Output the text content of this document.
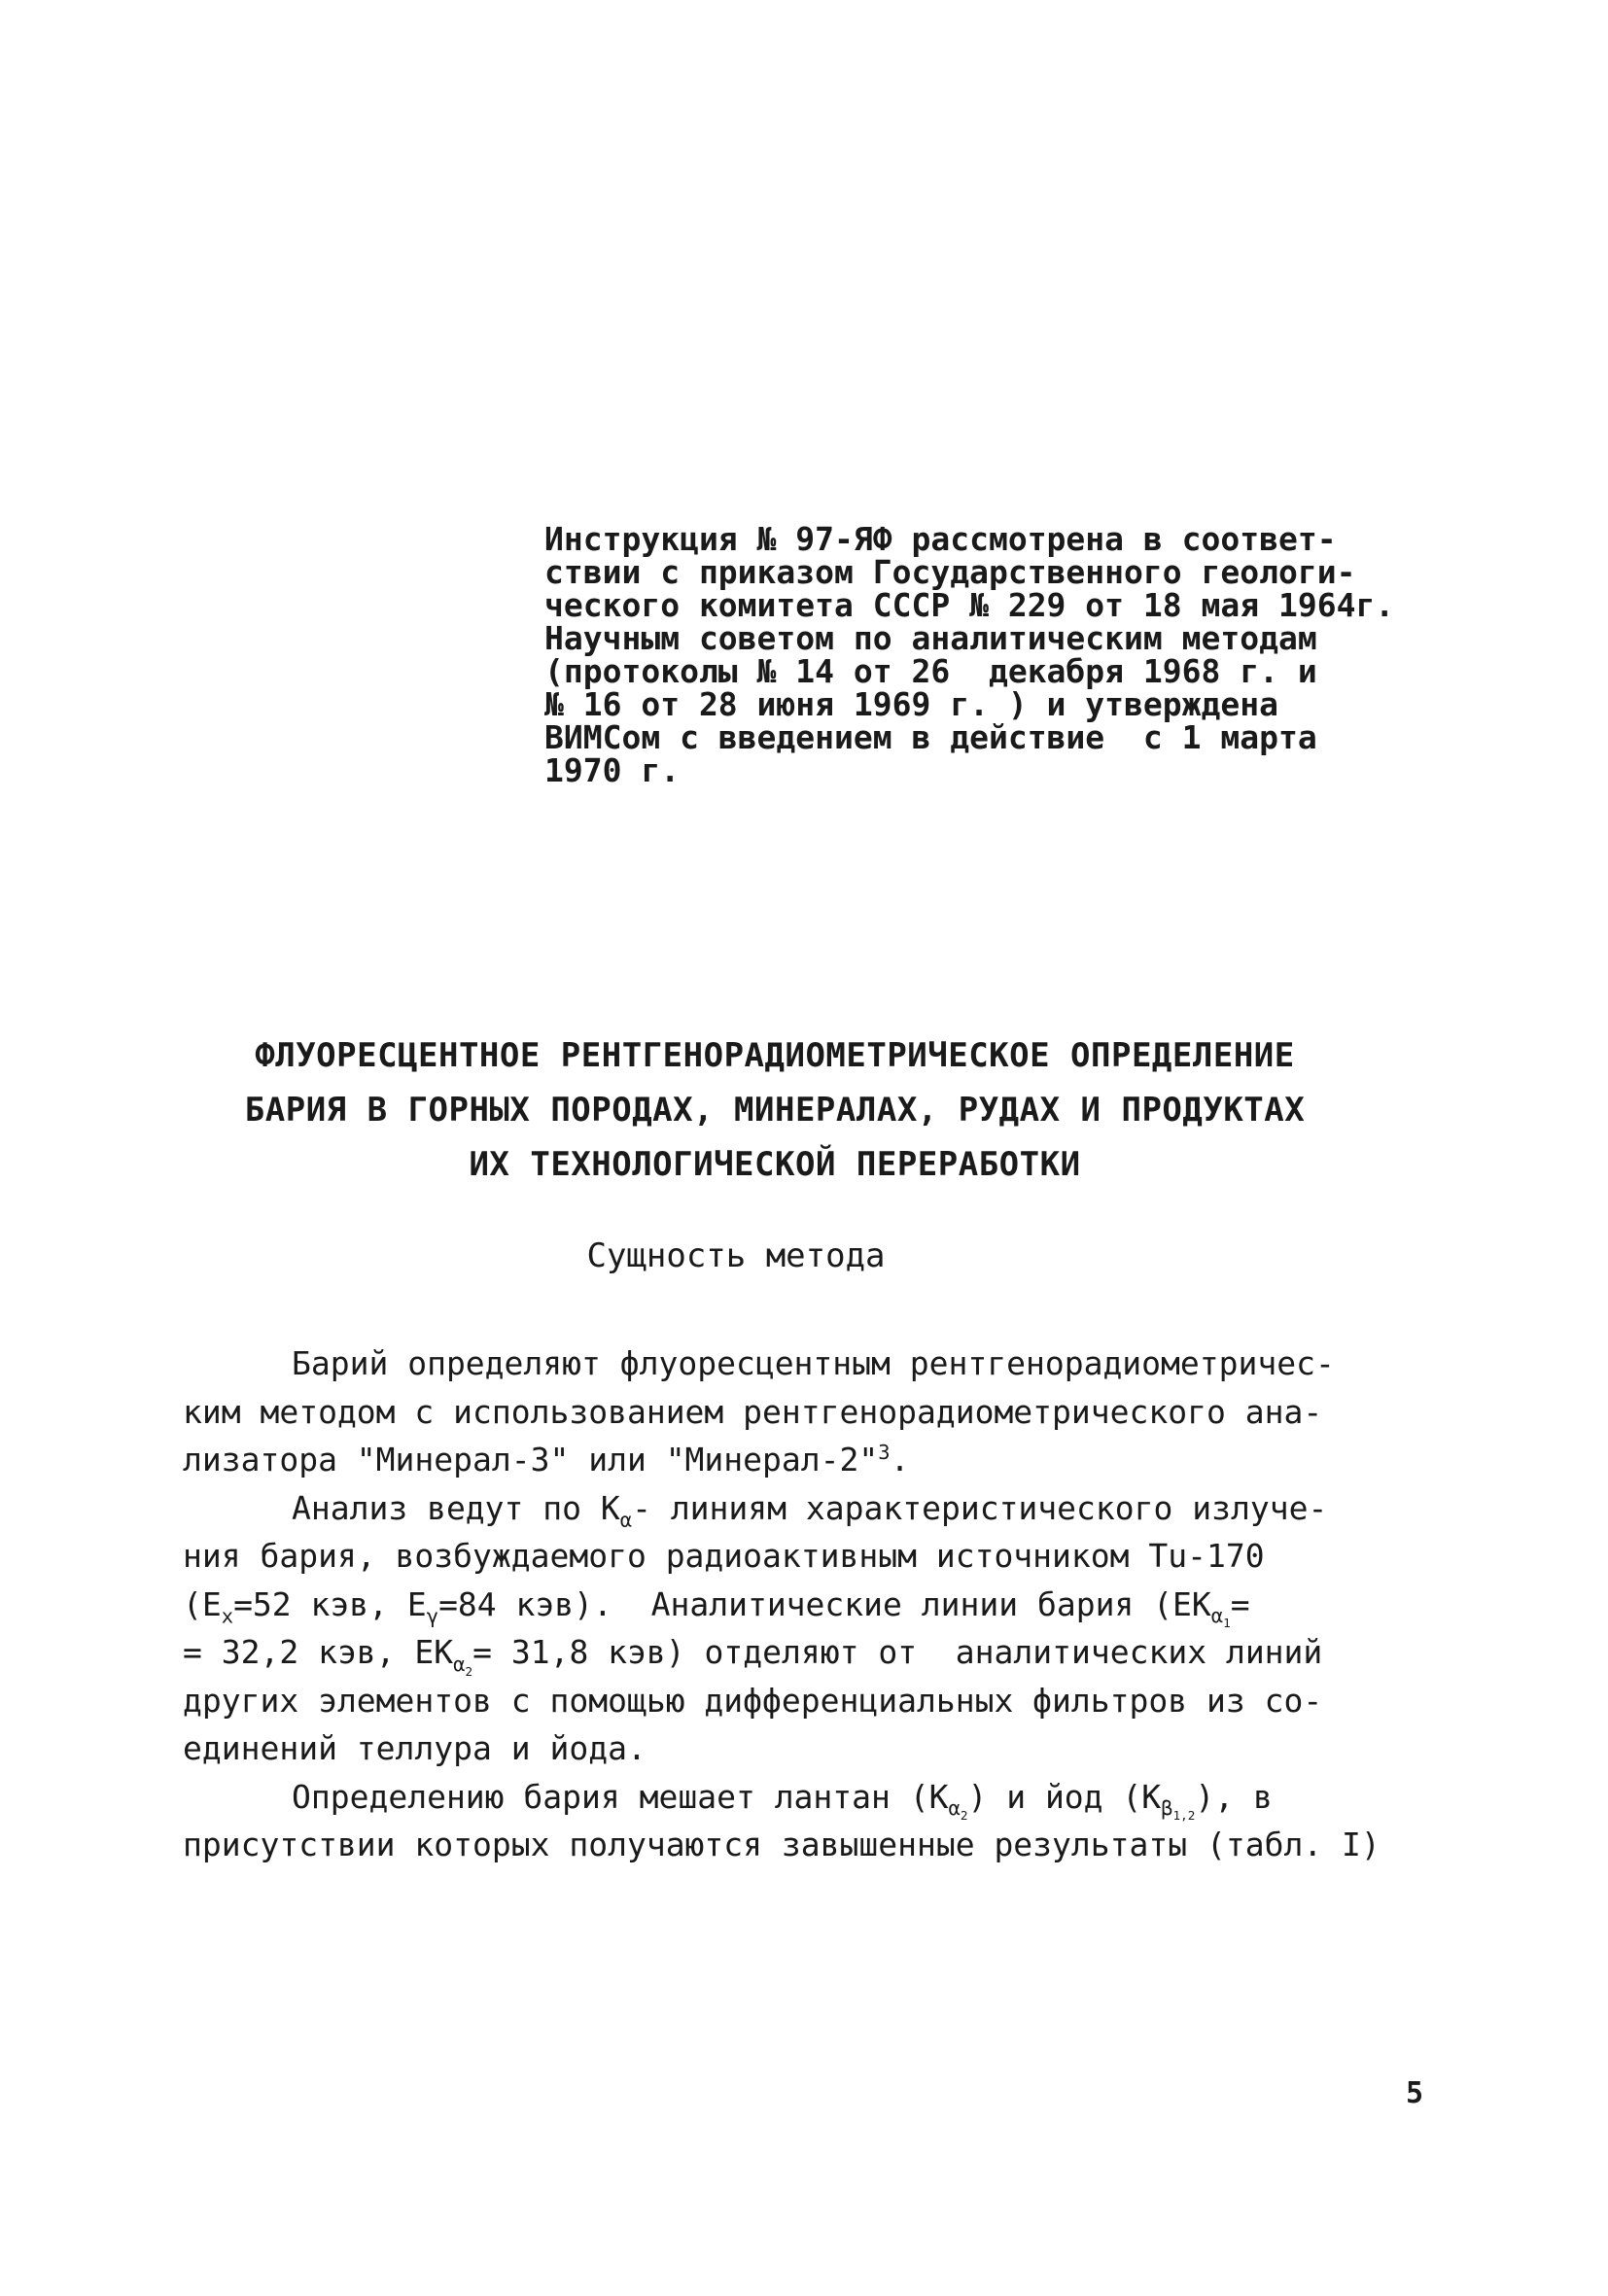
Инструкция № 97-ЯФ рассмотрена в соответ-
ствии с приказом Государственного геологи-
ческого комитета СССР № 229 от 18 мая 1964г.
Научным советом по аналитическим методам
(протоколы № 14 от 26  декабря 1968 г. и
№ 16 от 28 июня 1969 г. ) и утверждена
ВИМСом с введением в действие  с 1 марта
1970 г.
ФЛУОРЕСЦЕНТНОЕ РЕНТГЕНОРАДИОМЕТРИЧЕСКОЕ ОПРЕДЕЛЕНИЕ
БАРИЯ В ГОРНЫХ ПОРОДАХ, МИНЕРАЛАХ, РУДАХ И ПРОДУКТАХ
ИХ ТЕХНОЛОГИЧЕСКОЙ ПЕРЕРАБОТКИ
Сущность метода
Барий определяют флуоресцентным рентгенорадиометричес-
ким методом с использованием рентгенорадиометрического ана-
лизатора "Минерал-3" или "Минерал-2"$^3$.
Анализ ведут по $K_\alpha-$ линиям характеристического излуче-
ния бария, возбуждаемого радиоактивным источником Tu-170
($E_x=52$ кэв, $E_\gamma=84$ кэв).  Аналитические линии бария ($EK_{\alpha_1}=$
= 32,2 кэв, $EK_{\alpha_2}= 31,8$ кэв) отделяют от  аналитических линий
других элементов с помощью дифференциальных фильтров из со-
единений теллура и йода.
Определению бария мешает лантан $(K_{\alpha_2})$ и йод $(K_{\beta_{1,2}})$, в
присутствии которых получаются завышенные результаты (табл. I)
5
